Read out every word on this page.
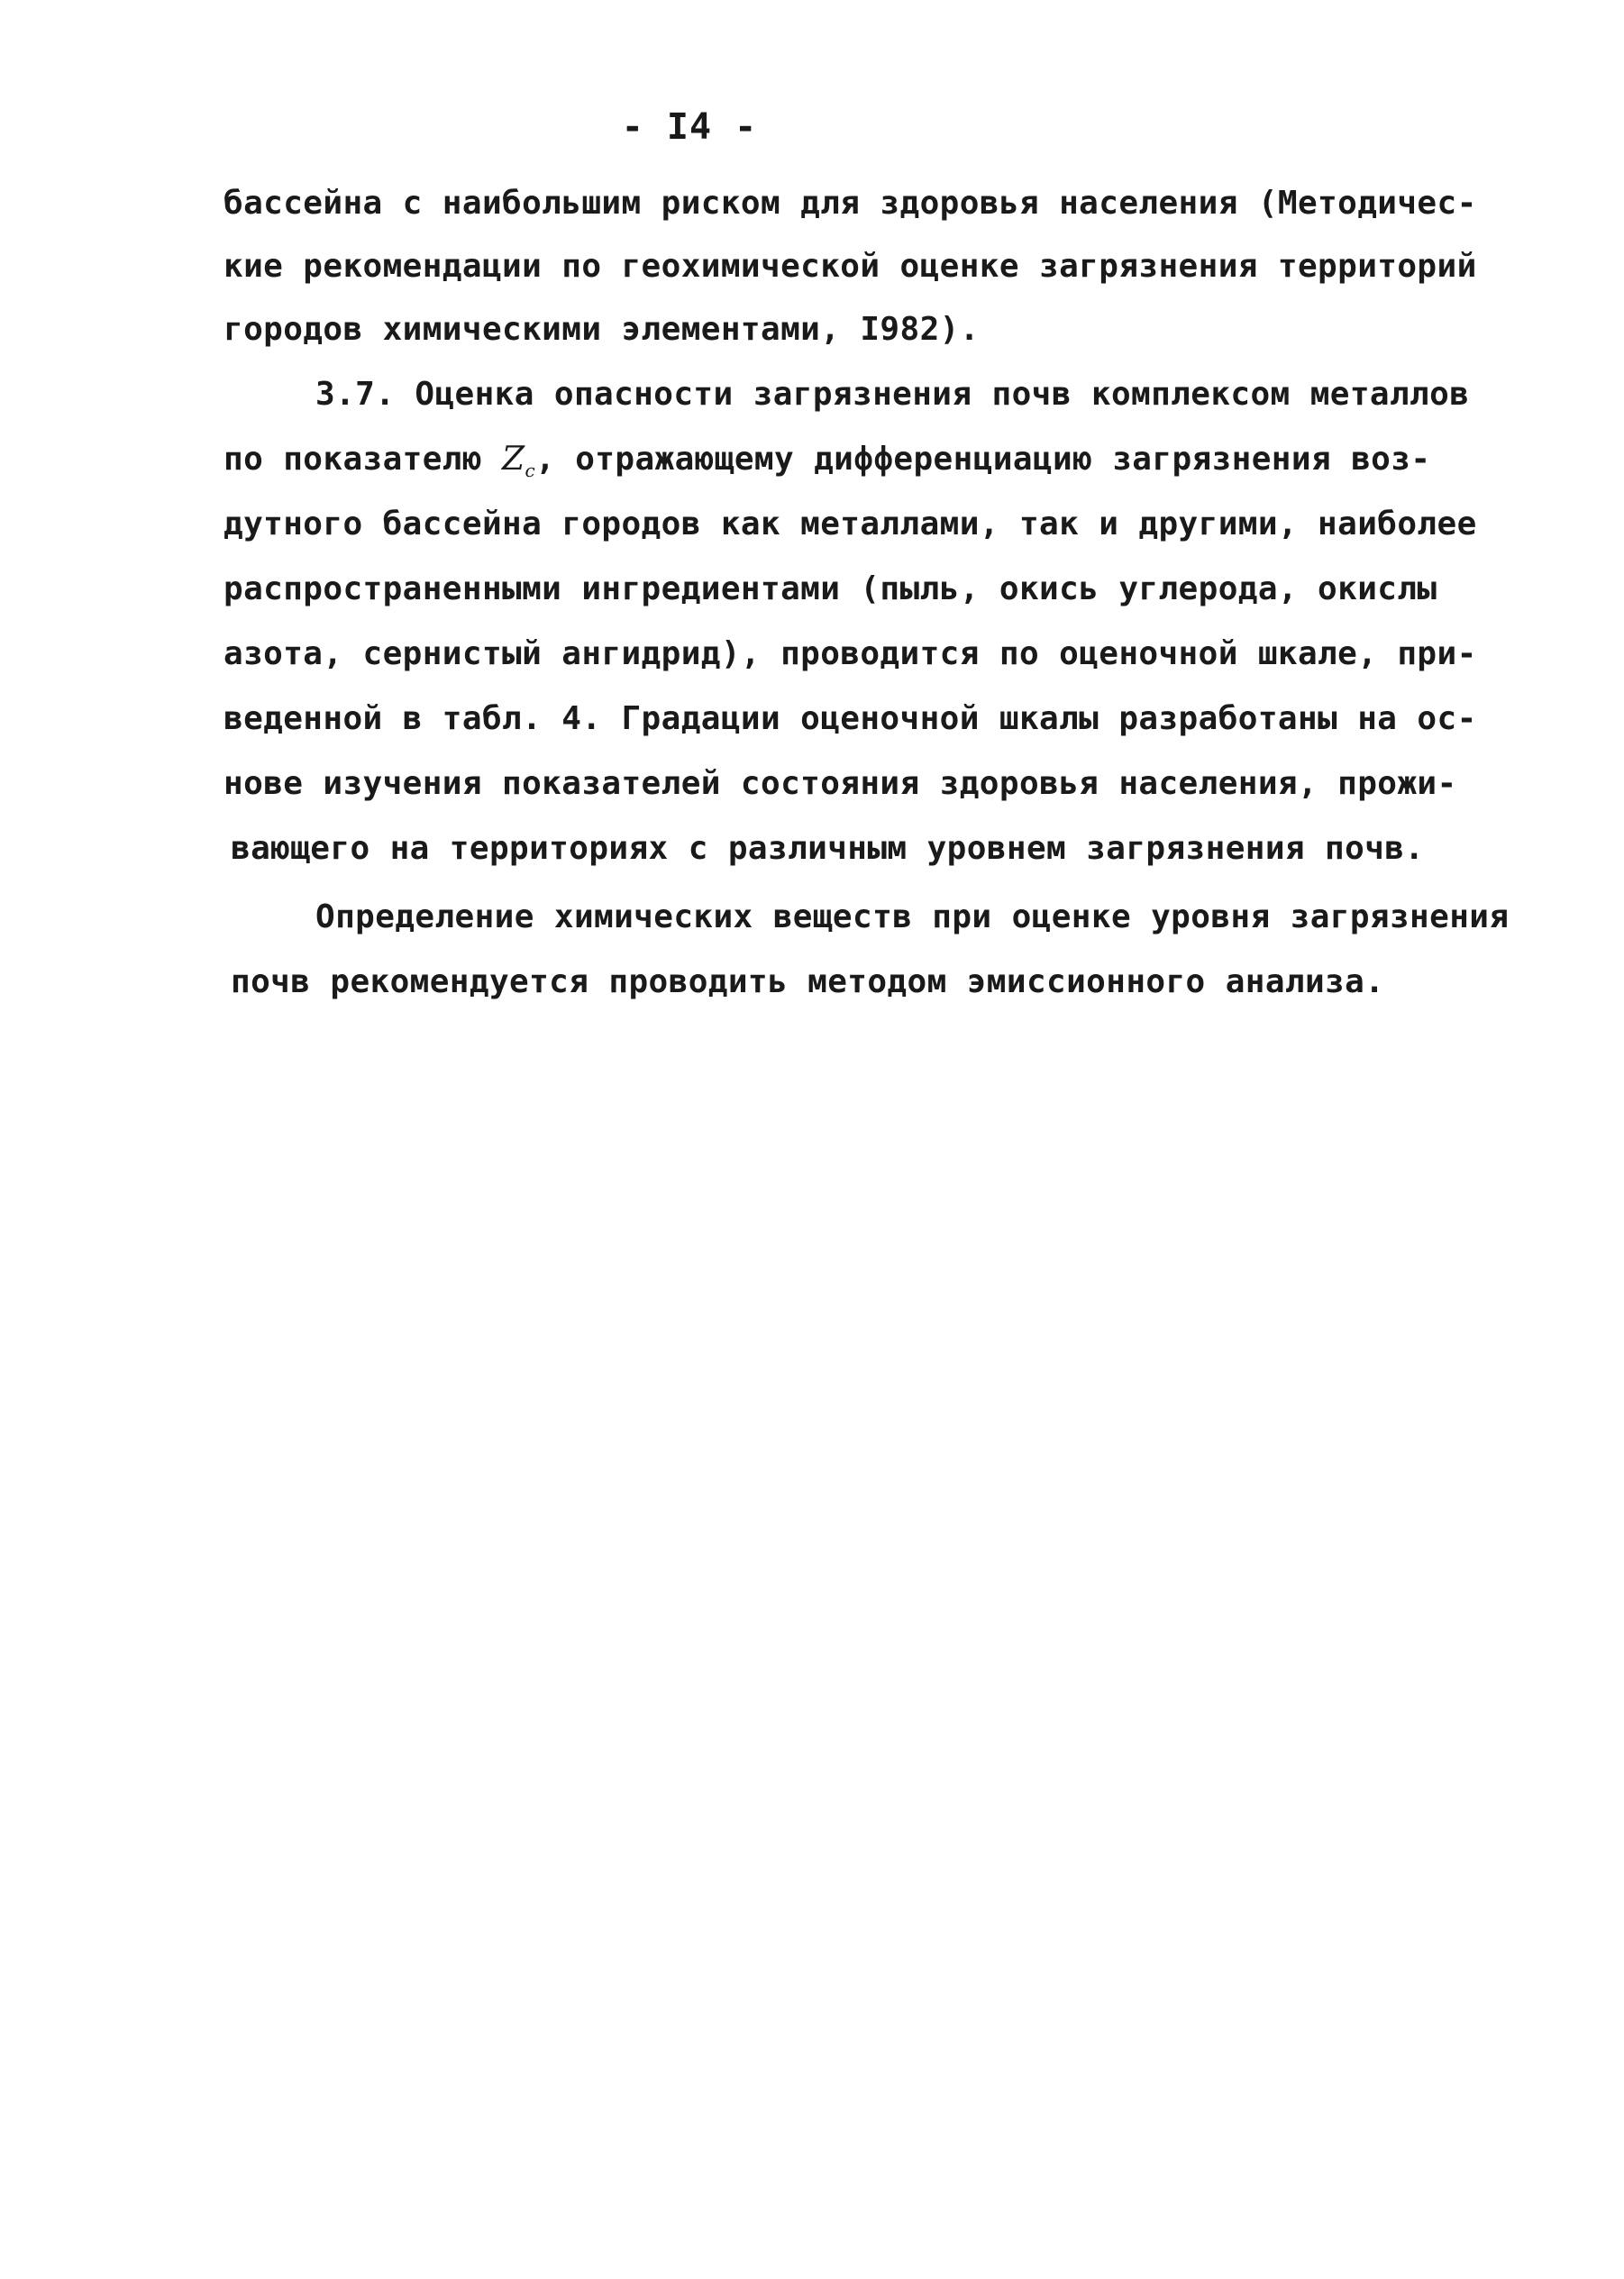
- I4 -
бассейна с наибольшим риском для здоровья населения (Методичес-
кие рекомендации по геохимической оценке загрязнения территорий
городов химическими элементами, I982).
3.7. Оценка опасности загрязнения почв комплексом металлов
по показателю $Z_c$, отражающему дифференциацию загрязнения воз-
дутного бассейна городов как металлами, так и другими, наиболее
распространенными ингредиентами (пыль, окись углерода, окислы
азота, сернистый ангидрид), проводится по оценочной шкале, при-
веденной в табл. 4. Градации оценочной шкалы разработаны на ос-
нове изучения показателей состояния здоровья населения, прожи-
вающего на территориях с различным уровнем загрязнения почв.
Определение химических веществ при оценке уровня загрязнения
почв рекомендуется проводить методом эмиссионного анализа.
